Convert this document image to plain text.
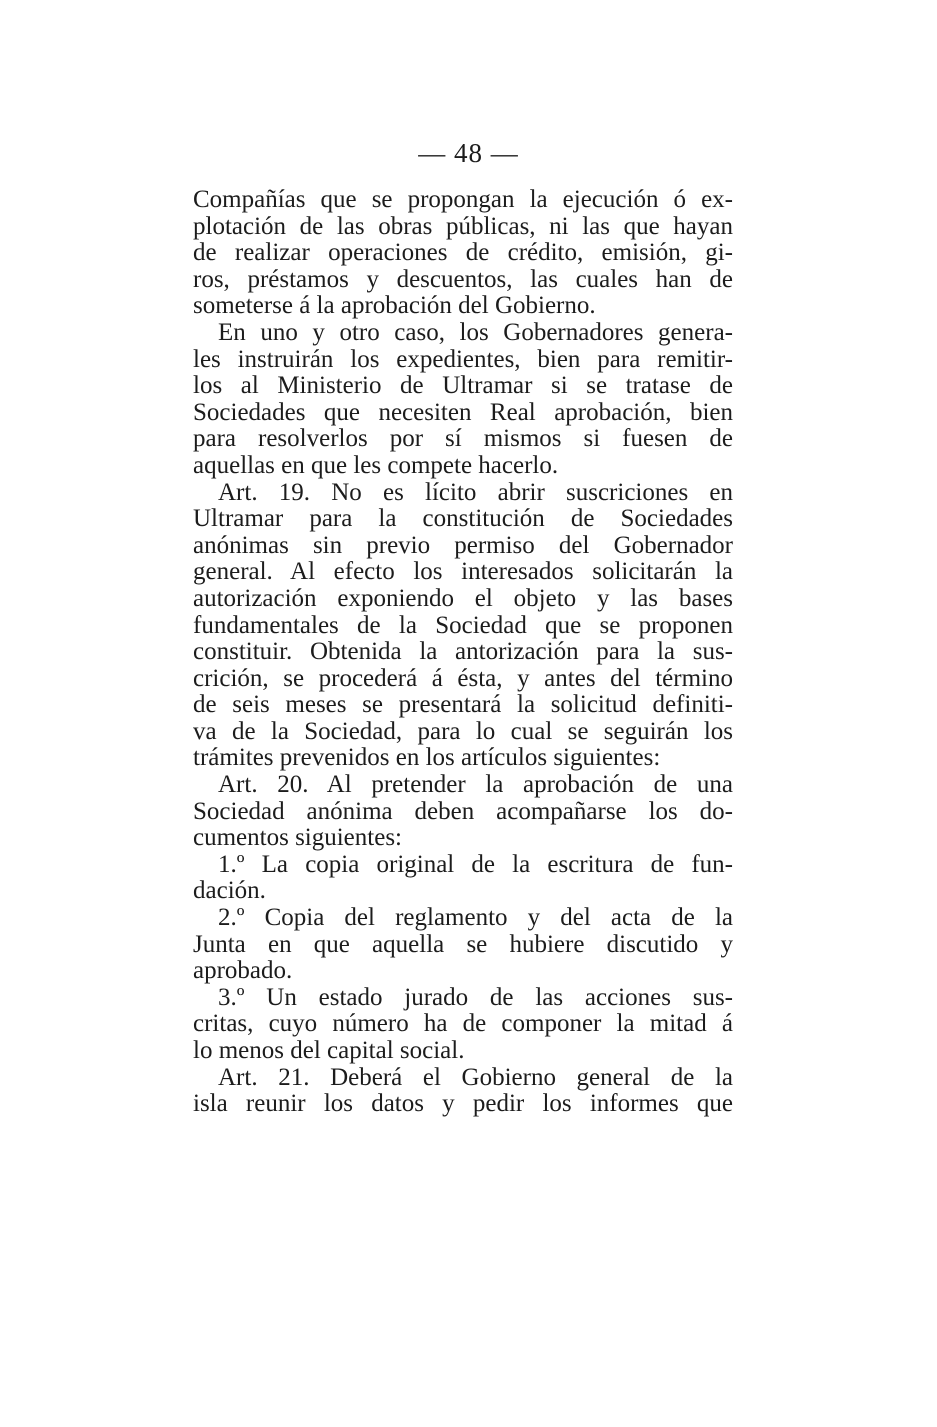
— 48 —
Compañías que se propongan la ejecución ó ex-
plotación de las obras públicas, ni las que hayan
de realizar operaciones de crédito, emisión, gi-
ros, préstamos y descuentos, las cuales han de
someterse á la aprobación del Gobierno.
En uno y otro caso, los Gobernadores genera-
les instruirán los expedientes, bien para remitir-
los al Ministerio de Ultramar si se tratase de
Sociedades que necesiten Real aprobación, bien
para resolverlos por sí mismos si fuesen de
aquellas en que les compete hacerlo.
Art. 19. No es lícito abrir suscriciones en
Ultramar para la constitución de Sociedades
anónimas sin previo permiso del Gobernador
general. Al efecto los interesados solicitarán la
autorización exponiendo el objeto y las bases
fundamentales de la Sociedad que se proponen
constituir. Obtenida la antorización para la sus-
crición, se procederá á ésta, y antes del término
de seis meses se presentará la solicitud definiti-
va de la Sociedad, para lo cual se seguirán los
trámites prevenidos en los artículos siguientes:
Art. 20. Al pretender la aprobación de una
Sociedad anónima deben acompañarse los do-
cumentos siguientes:
1.º La copia original de la escritura de fun-
dación.
2.º Copia del reglamento y del acta de la
Junta en que aquella se hubiere discutido y
aprobado.
3.º Un estado jurado de las acciones sus-
critas, cuyo número ha de componer la mitad á
lo menos del capital social.
Art. 21. Deberá el Gobierno general de la
isla reunir los datos y pedir los informes que
